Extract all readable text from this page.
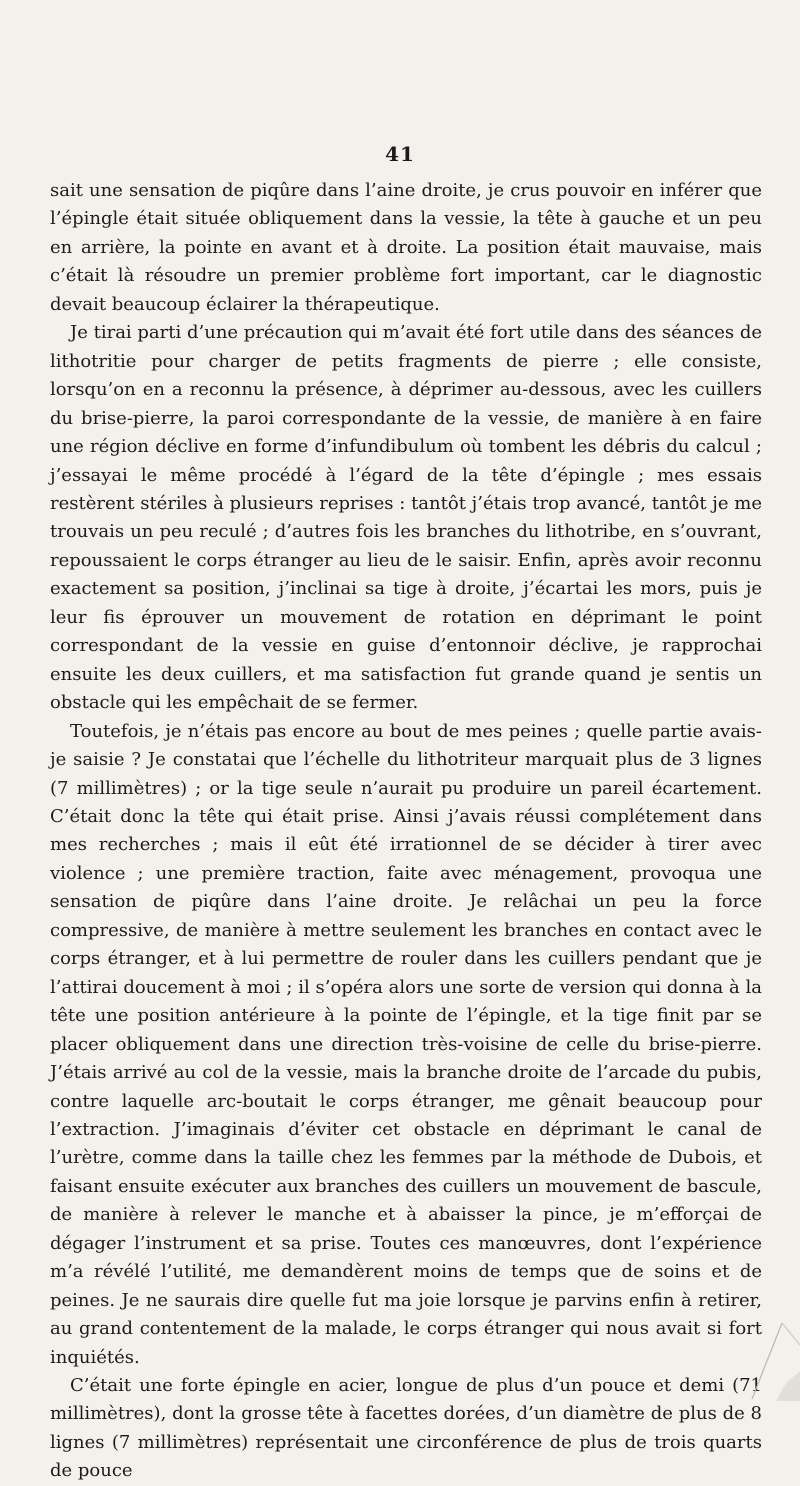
41

sait une sensation de piqûre dans l’aine droite, je crus pouvoir en inférer que l’épingle était située obliquement dans la vessie, la tête à gauche et un peu en arrière, la pointe en avant et à droite. La position était mauvaise, mais c’était là résoudre un premier problème fort important, car le diagnostic devait beaucoup éclairer la thérapeutique.

Je tirai parti d’une précaution qui m’avait été fort utile dans des séances de lithotritie pour charger de petits fragments de pierre ; elle consiste, lorsqu’on en a reconnu la présence, à déprimer au-dessous, avec les cuillers du brise-pierre, la paroi correspondante de la vessie, de manière à en faire une région déclive en forme d’infundibulum où tombent les débris du calcul ; j’essayai le même procédé à l’égard de la tête d’épingle ; mes essais restèrent stériles à plusieurs reprises : tantôt j’étais trop avancé, tantôt je me trouvais un peu reculé ; d’autres fois les branches du lithotribe, en s’ouvrant, repoussaient le corps étranger au lieu de le saisir. Enfin, après avoir reconnu exactement sa position, j’inclinai sa tige à droite, j’écartai les mors, puis je leur fis éprouver un mouvement de rotation en déprimant le point correspondant de la vessie en guise d’entonnoir déclive, je rapprochai ensuite les deux cuillers, et ma satisfaction fut grande quand je sentis un obstacle qui les empêchait de se fermer.

Toutefois, je n’étais pas encore au bout de mes peines ; quelle partie avais-je saisie ? Je constatai que l’échelle du lithotriteur marquait plus de 3 lignes (7 millimètres) ; or la tige seule n’aurait pu produire un pareil écartement. C’était donc la tête qui était prise. Ainsi j’avais réussi complétement dans mes recherches ; mais il eût été irrationnel de se décider à tirer avec violence ; une première traction, faite avec ménagement, provoqua une sensation de piqûre dans l’aine droite. Je relâchai un peu la force compressive, de manière à mettre seulement les branches en contact avec le corps étranger, et à lui permettre de rouler dans les cuillers pendant que je l’attirai doucement à moi ; il s’opéra alors une sorte de version qui donna à la tête une position antérieure à la pointe de l’épingle, et la tige finit par se placer obliquement dans une direction très-voisine de celle du brise-pierre. J’étais arrivé au col de la vessie, mais la branche droite de l’arcade du pubis, contre laquelle arc-boutait le corps étranger, me gênait beaucoup pour l’extraction. J’imaginais d’éviter cet obstacle en déprimant le canal de l’urètre, comme dans la taille chez les femmes par la méthode de Dubois, et faisant ensuite exécuter aux branches des cuillers un mouvement de bascule, de manière à relever le manche et à abaisser la pince, je m’efforçai de dégager l’instrument et sa prise. Toutes ces manœuvres, dont l’expérience m’a révélé l’utilité, me demandèrent moins de temps que de soins et de peines. Je ne saurais dire quelle fut ma joie lorsque je parvins enfin à retirer, au grand contentement de la malade, le corps étranger qui nous avait si fort inquiétés.

C’était une forte épingle en acier, longue de plus d’un pouce et demi (71 millimètres), dont la grosse tête à facettes dorées, d’un diamètre de plus de 8 lignes (7 millimètres) représentait une circonférence de plus de trois quarts de pouce
